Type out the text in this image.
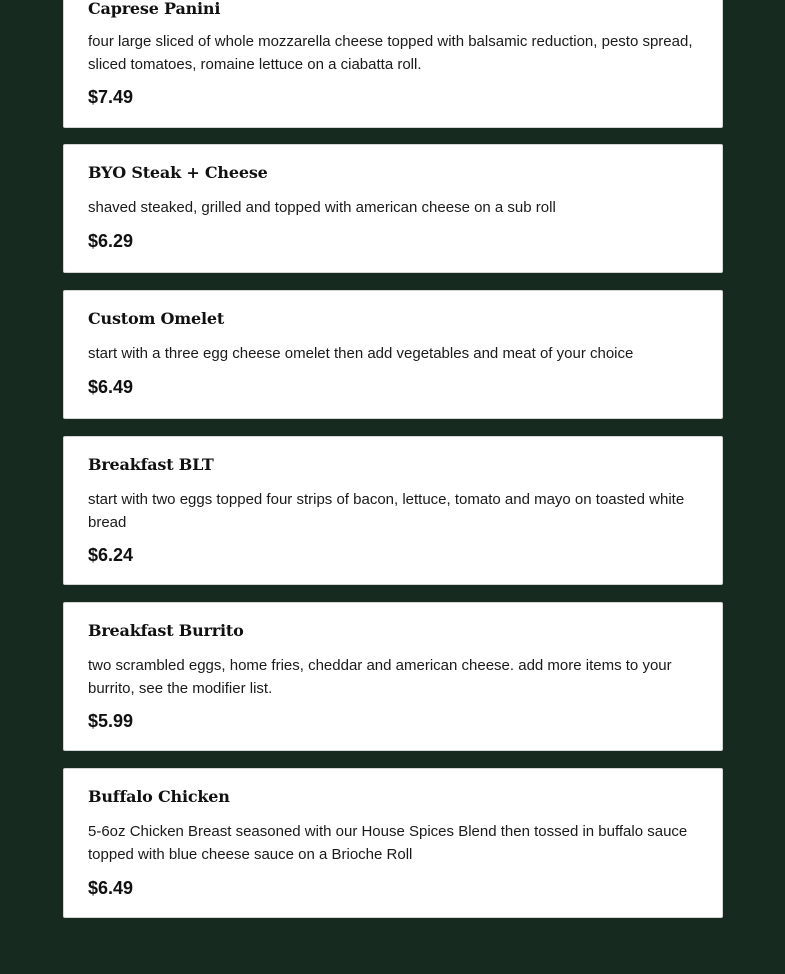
Caprese Panini
four large sliced of whole mozzarella cheese topped with balsamic reduction, pesto spread, sliced tomatoes, romaine lettuce on a ciabatta roll.
$7.49
BYO Steak + Cheese
shaved steaked, grilled and topped with american cheese on a sub roll
$6.29
Custom Omelet
start with a three egg cheese omelet then add vegetables and meat of your choice
$6.49
Breakfast BLT
start with two eggs topped four strips of bacon, lettuce, tomato and mayo on toasted white bread
$6.24
Breakfast Burrito
two scrambled eggs, home fries, cheddar and american cheese. add more items to your burrito, see the modifier list.
$5.99
Buffalo Chicken
5-6oz Chicken Breast seasoned with our House Spices Blend then tossed in buffalo sauce topped with blue cheese sauce on a Brioche Roll
$6.49
